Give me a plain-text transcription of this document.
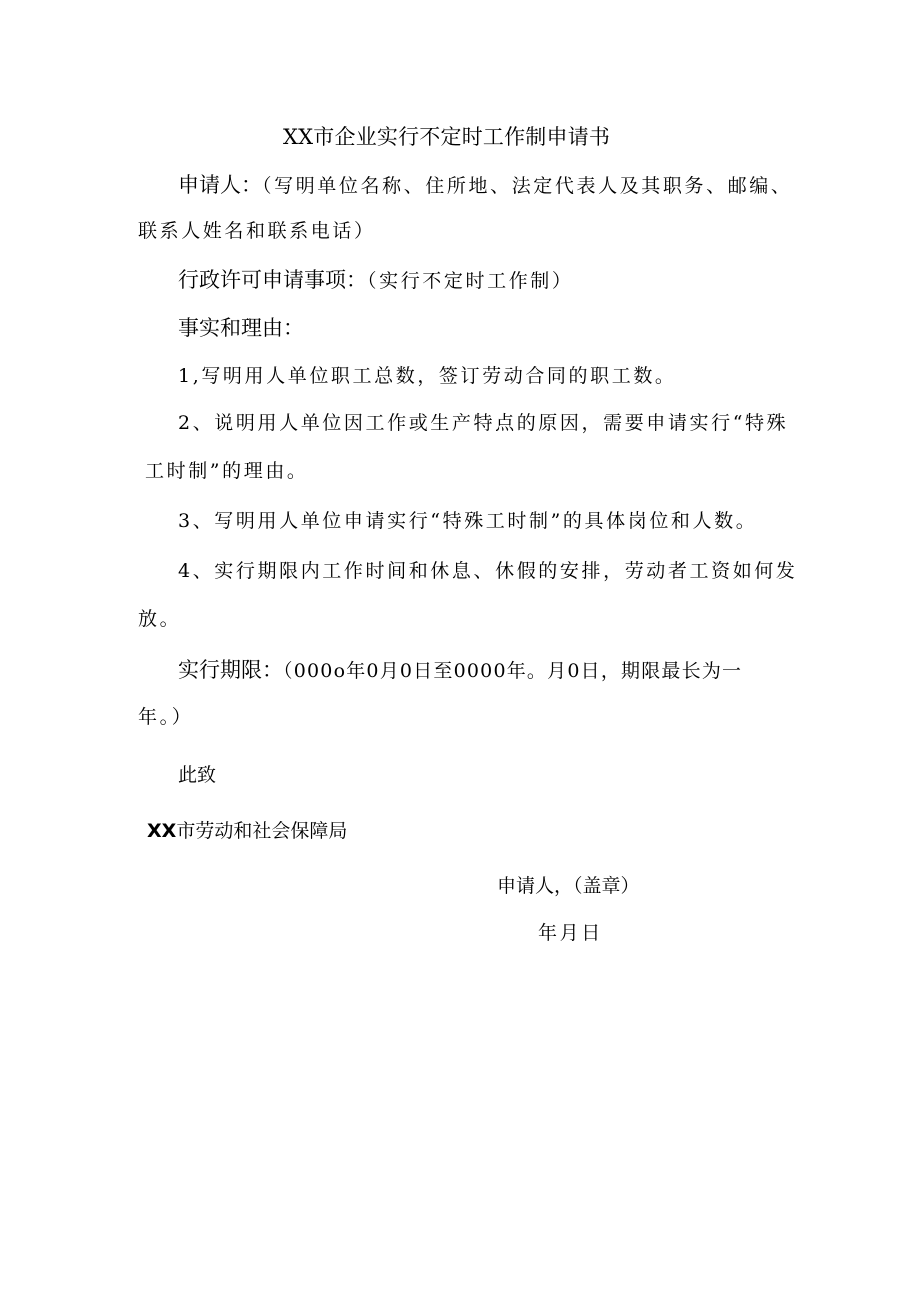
XX市企业实行不定时工作制申请书
申请人：（写明单位名称、住所地、法定代表人及其职务、邮编、
联系人姓名和联系电话）
行政许可申请事项：（实行不定时工作制）
事实和理由：
1,写明用人单位职工总数，签订劳动合同的职工数。
2、说明用人单位因工作或生产特点的原因，需要申请实行“特殊
工时制”的理由。
3、写明用人单位申请实行“特殊工时制”的具体岗位和人数。
4、实行期限内工作时间和休息、休假的安排，劳动者工资如何发
放。
实行期限：（000o年0月0日至0000年。月0日，期限最长为一
年。）
此致
XX市劳动和社会保障局
申请人，（盖章）
年月日
